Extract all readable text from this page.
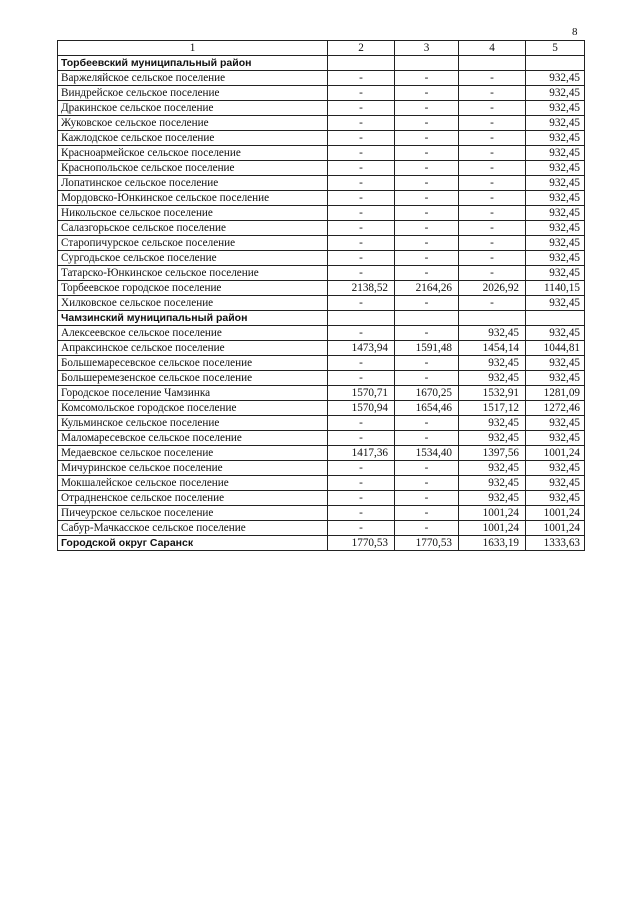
8
1	2	3	4	5
Торбеевский муниципальный район				
Варжеляйское сельское поселение	-	-	-	932,45
Виндрейское сельское поселение	-	-	-	932,45
Дракинское сельское поселение	-	-	-	932,45
Жуковское сельское поселение	-	-	-	932,45
Кажлодское сельское поселение	-	-	-	932,45
Красноармейское сельское поселение	-	-	-	932,45
Краснопольское сельское поселение	-	-	-	932,45
Лопатинское сельское поселение	-	-	-	932,45
Мордовско-Юнкинское сельское поселение	-	-	-	932,45
Никольское сельское поселение	-	-	-	932,45
Салазгорьское сельское поселение	-	-	-	932,45
Старопичурское сельское поселение	-	-	-	932,45
Сургодьское сельское поселение	-	-	-	932,45
Татарско-Юнкинское сельское поселение	-	-	-	932,45
Торбеевское городское поселение	2138,52	2164,26	2026,92	1140,15
Хилковское сельское поселение	-	-	-	932,45
Чамзинский муниципальный район				
Алексеевское сельское поселение	-	-	932,45	932,45
Апраксинское сельское поселение	1473,94	1591,48	1454,14	1044,81
Большемаресевское сельское поселение	-	-	932,45	932,45
Большеремезенское сельское поселение	-	-	932,45	932,45
Городское поселение Чамзинка	1570,71	1670,25	1532,91	1281,09
Комсомольское городское поселение	1570,94	1654,46	1517,12	1272,46
Кульминское сельское поселение	-	-	932,45	932,45
Маломаресевское сельское поселение	-	-	932,45	932,45
Медаевское сельское поселение	1417,36	1534,40	1397,56	1001,24
Мичуринское сельское поселение	-	-	932,45	932,45
Мокшалейское сельское поселение	-	-	932,45	932,45
Отрадненское сельское поселение	-	-	932,45	932,45
Пичеурское сельское поселение	-	-	1001,24	1001,24
Сабур-Мачкасское сельское поселение	-	-	1001,24	1001,24
Городской округ Саранск	1770,53	1770,53	1633,19	1333,63
